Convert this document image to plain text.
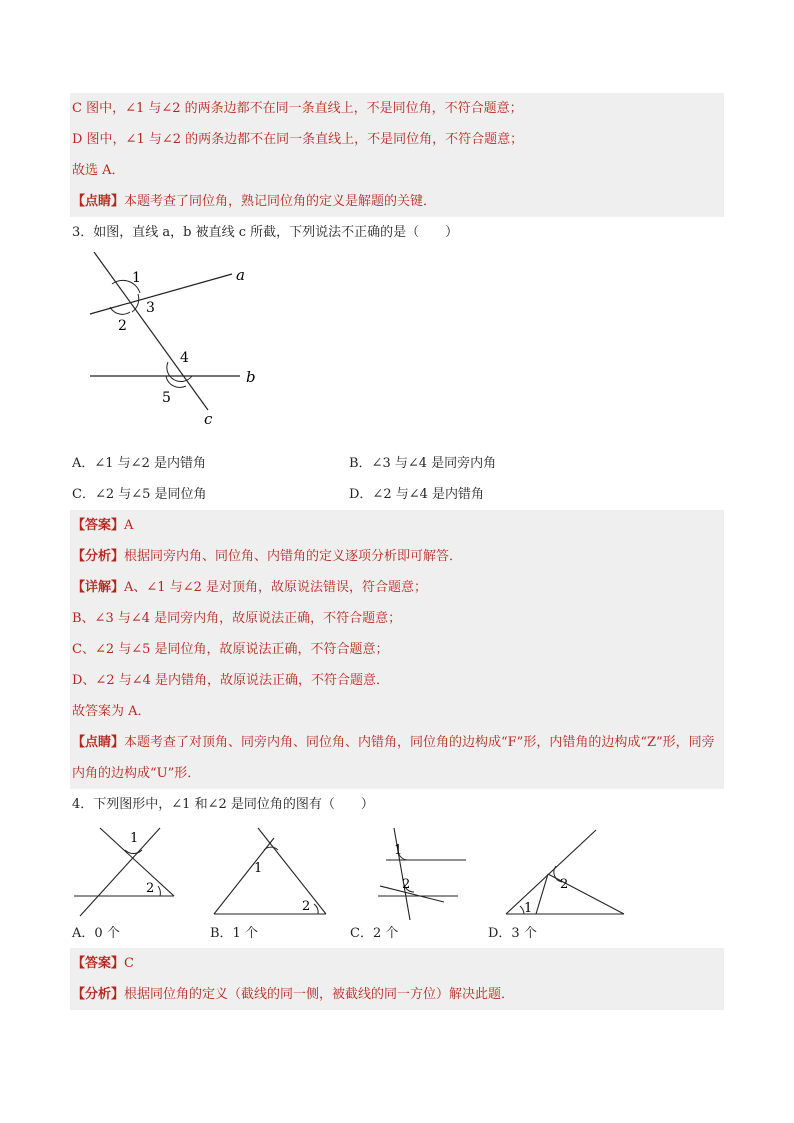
C 图中，∠1 与∠2 的两条边都不在同一条直线上，不是同位角，不符合题意；
D 图中，∠1 与∠2 的两条边都不在同一条直线上，不是同位角，不符合题意；
故选 A．
【点睛】本题考查了同位角，熟记同位角的定义是解题的关键．
3．如图，直线 a，b 被直线 c 所截，下列说法不正确的是（　　）
1
3
2
4
5
a
b
c
A．∠1 与∠2 是内错角	B．∠3 与∠4 是同旁内角
C．∠2 与∠5 是同位角	D．∠2 与∠4 是内错角
【答案】A
【分析】根据同旁内角、同位角、内错角的定义逐项分析即可解答．
【详解】A、∠1 与∠2 是对顶角，故原说法错误，符合题意；
B、∠3 与∠4 是同旁内角，故原说法正确，不符合题意；
C、∠2 与∠5 是同位角，故原说法正确，不符合题意；
D、∠2 与∠4 是内错角，故原说法正确，不符合题意．
故答案为 A．
【点睛】本题考查了对顶角、同旁内角、同位角、内错角，同位角的边构成“F”形，内错角的边构成“Z”形，同旁内角的边构成“U”形．
4．下列图形中，∠1 和∠2 是同位角的图有（　　）
1
2
1
2
1
2
1
2
A．0 个	B．1 个	C．2 个	D．3 个
【答案】C
【分析】根据同位角的定义（截线的同一侧，被截线的同一方位）解决此题．
